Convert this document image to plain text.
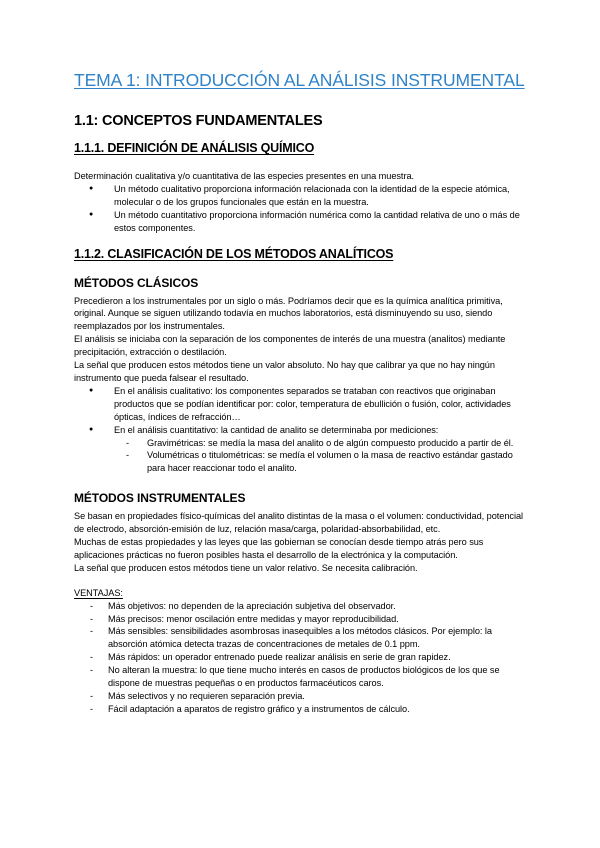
TEMA 1: INTRODUCCIÓN AL ANÁLISIS INSTRUMENTAL
1.1: CONCEPTOS FUNDAMENTALES
1.1.1. DEFINICIÓN DE ANÁLISIS QUÍMICO

Determinación cualitativa y/o cuantitativa de las especies presentes en una muestra.

● Un método cualitativo proporciona información relacionada con la identidad de la especie atómica, molecular o de los grupos funcionales que están en la muestra.
● Un método cuantitativo proporciona información numérica como la cantidad relativa de uno o más de estos componentes.
1.1.2. CLASIFICACIÓN DE LOS MÉTODOS ANALÍTICOS
MÉTODOS CLÁSICOS

Precedieron a los instrumentales por un siglo o más. Podríamos decir que es la química analítica primitiva, original. Aunque se siguen utilizando todavía en muchos laboratorios, está disminuyendo su uso, siendo reemplazados por los instrumentales.

El análisis se iniciaba con la separación de los componentes de interés de una muestra (analitos) mediante precipitación, extracción o destilación.

La señal que producen estos métodos tiene un valor absoluto. No hay que calibrar ya que no hay ningún instrumento que pueda falsear el resultado.

● En el análisis cualitativo: los componentes separados se trataban con reactivos que originaban productos que se podían identificar por: color, temperatura de ebullición o fusión, color, actividades ópticas, índices de refracción…
● En el análisis cuantitativo: la cantidad de analito se determinaba por mediciones:
- Gravimétricas: se medía la masa del analito o de algún compuesto producido a partir de él.
- Volumétricas o titulométricas: se medía el volumen o la masa de reactivo estándar gastado para hacer reaccionar todo el analito.
MÉTODOS INSTRUMENTALES

Se basan en propiedades físico-químicas del analito distintas de la masa o el volumen: conductividad, potencial de electrodo, absorción-emisión de luz, relación masa/carga, polaridad-absorbabilidad, etc.

Muchas de estas propiedades y las leyes que las gobiernan se conocían desde tiempo atrás pero sus aplicaciones prácticas no fueron posibles hasta el desarrollo de la electrónica y la computación.

La señal que producen estos métodos tiene un valor relativo. Se necesita calibración.

VENTAJAS:

- Más objetivos: no dependen de la apreciación subjetiva del observador.
- Más precisos: menor oscilación entre medidas y mayor reproducibilidad.
- Más sensibles: sensibilidades asombrosas inasequibles a los métodos clásicos. Por ejemplo: la absorción atómica detecta trazas de concentraciones de metales de 0.1 ppm.
- Más rápidos: un operador entrenado puede realizar análisis en serie de gran rapidez.
- No alteran la muestra: lo que tiene mucho interés en casos de productos biológicos de los que se dispone de muestras pequeñas o en productos farmacéuticos caros.
- Más selectivos y no requieren separación previa.
- Fácil adaptación a aparatos de registro gráfico y a instrumentos de cálculo.
